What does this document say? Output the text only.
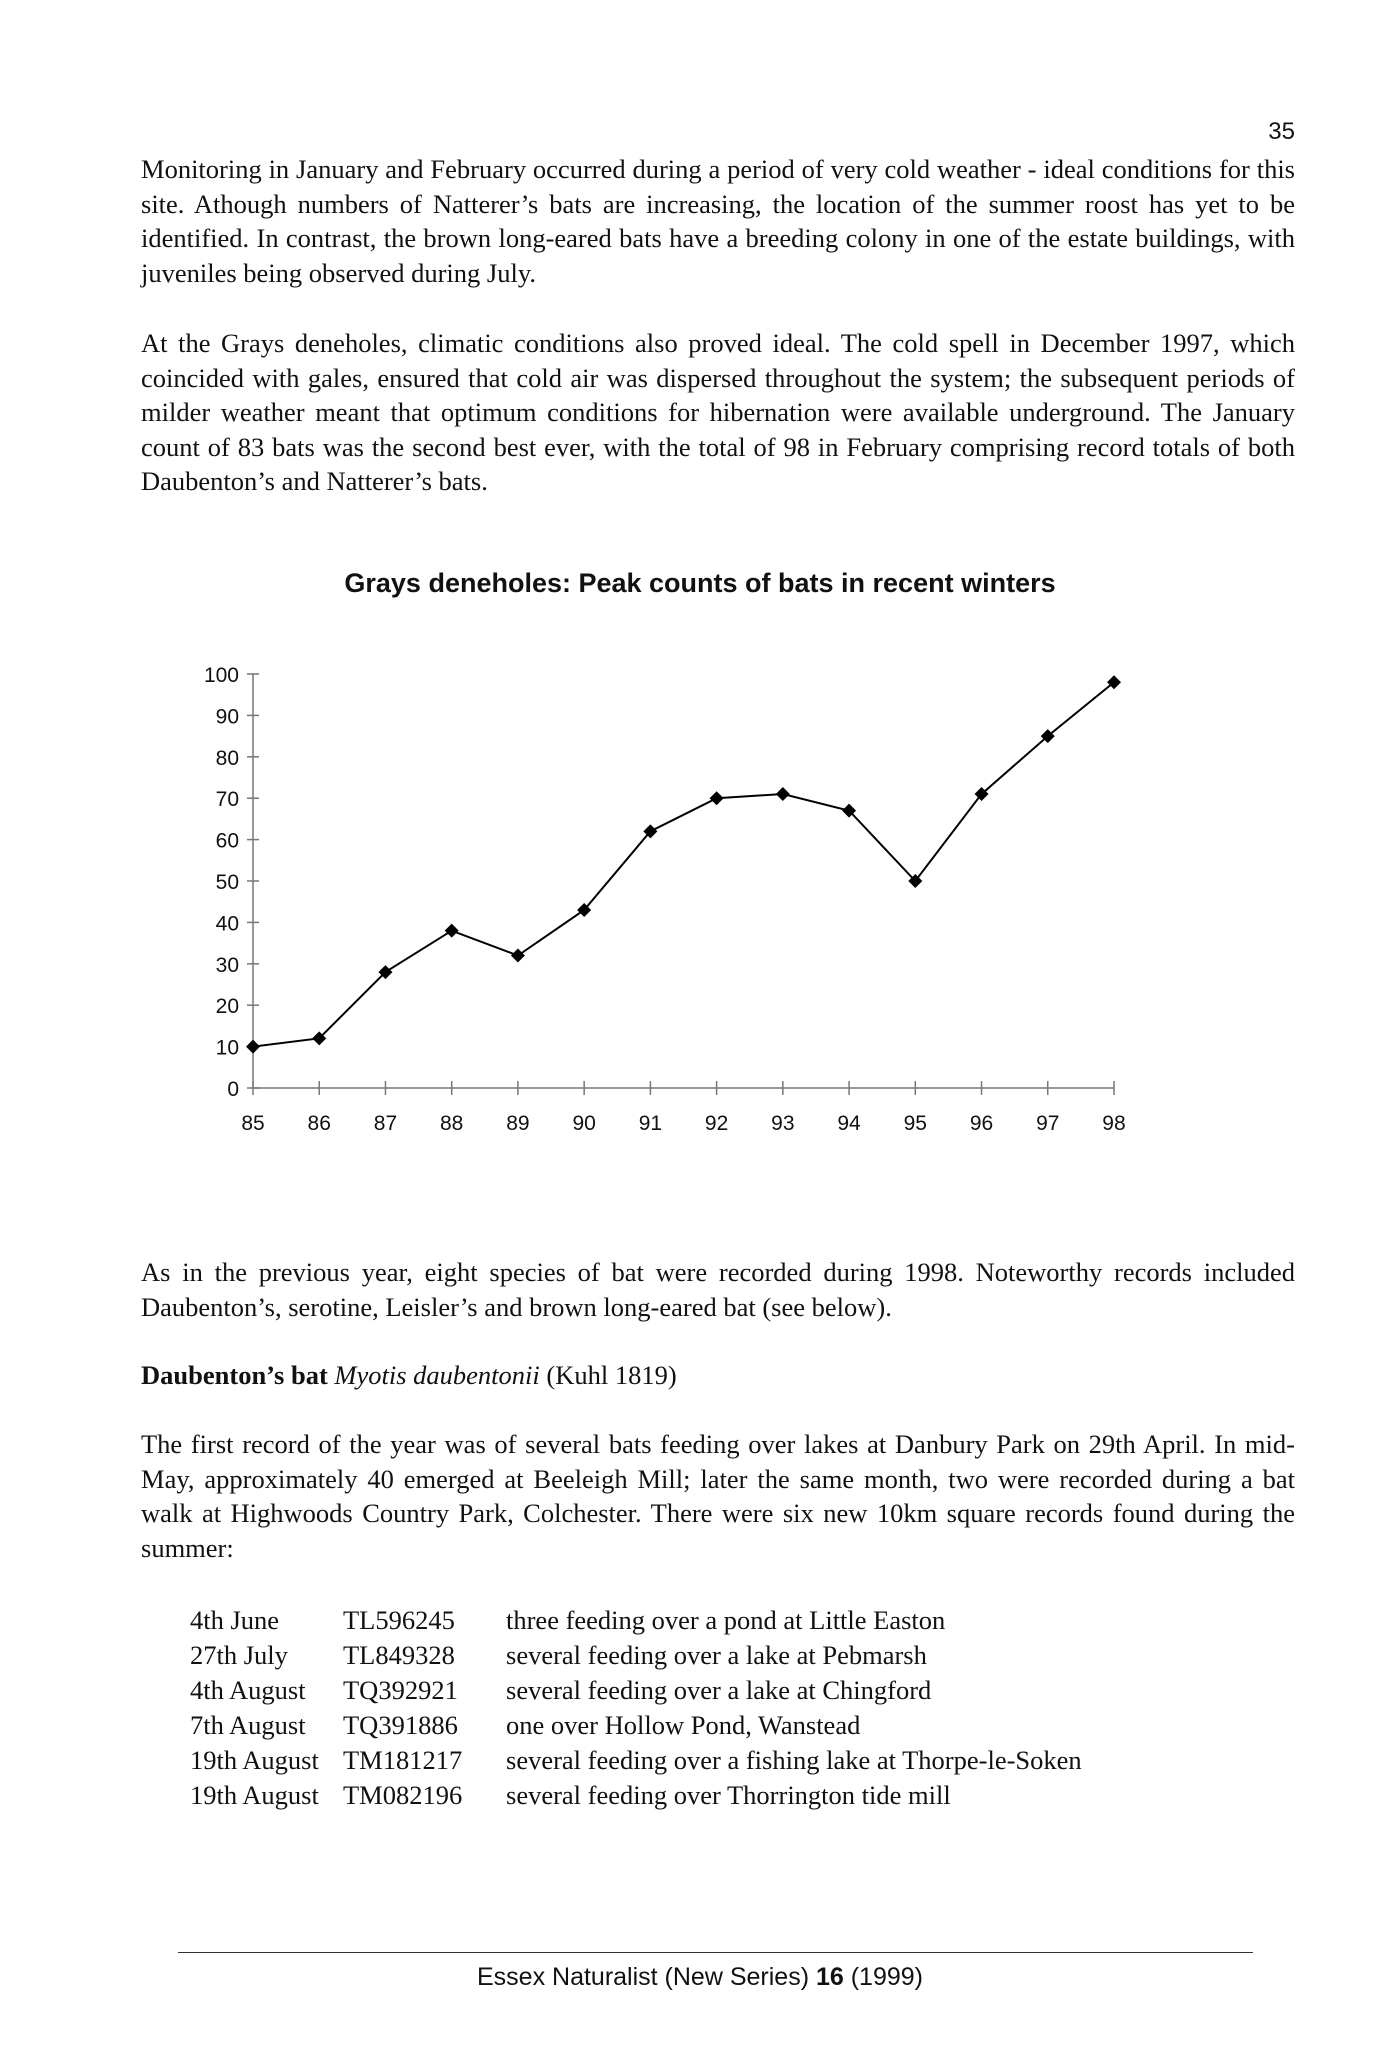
35

Monitoring in January and February occurred during a period of very cold weather - ideal conditions for this site. Athough numbers of Natterer’s bats are increasing, the location of the summer roost has yet to be identified. In contrast, the brown long-eared bats have a breeding colony in one of the estate buildings, with juveniles being observed during July.

At the Grays deneholes, climatic conditions also proved ideal. The cold spell in December 1997, which coincided with gales, ensured that cold air was dispersed throughout the system; the subsequent periods of milder weather meant that optimum conditions for hibernation were available underground. The January count of 83 bats was the second best ever, with the total of 98 in February comprising record totals of both Daubenton’s and Natterer’s bats.

Grays deneholes: Peak counts of bats in recent winters
0
10
20
30
40
50
60
70
80
90
100
85 86 87 88 89 90 91 92 93 94 95 96 97 98

As in the previous year, eight species of bat were recorded during 1998. Noteworthy records included Daubenton’s, serotine, Leisler’s and brown long-eared bat (see below).

Daubenton’s bat Myotis daubentonii (Kuhl 1819)

The first record of the year was of several bats feeding over lakes at Danbury Park on 29th April. In mid-May, approximately 40 emerged at Beeleigh Mill; later the same month, two were recorded during a bat walk at Highwoods Country Park, Colchester. There were six new 10km square records found during the summer:

4th June	TL596245	three feeding over a pond at Little Easton
27th July	TL849328	several feeding over a lake at Pebmarsh
4th August	TQ392921	several feeding over a lake at Chingford
7th August	TQ391886	one over Hollow Pond, Wanstead
19th August TM181217	several feeding over a fishing lake at Thorpe-le-Soken
19th August TM082196	several feeding over Thorrington tide mill
Essex Naturalist (New Series) 16 (1999)
